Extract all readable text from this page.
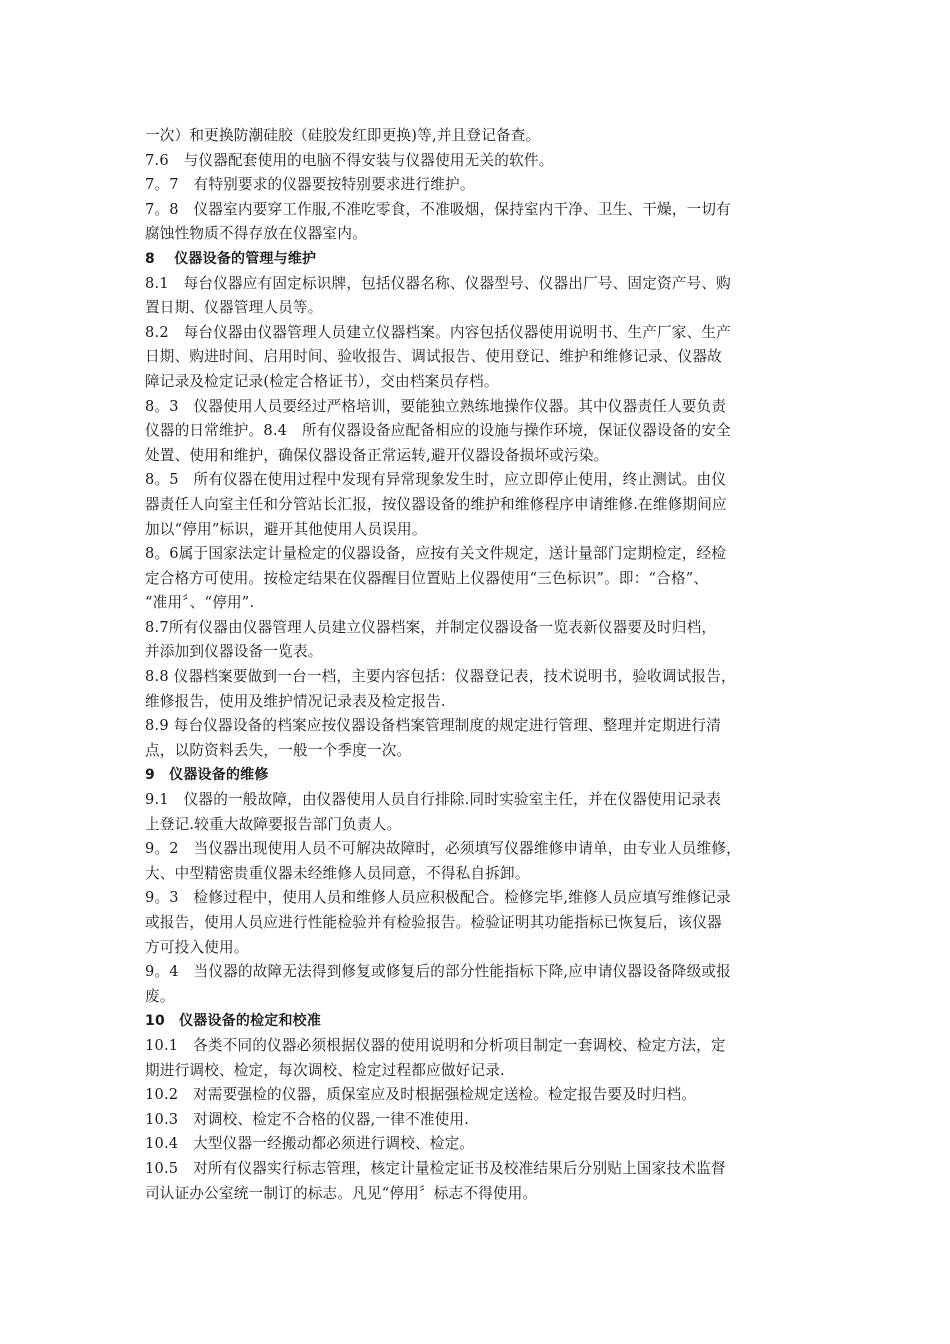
一次）和更换防潮硅胶（硅胶发红即更换)等,并且登记备查。
7.6　与仪器配套使用的电脑不得安装与仪器使用无关的软件。
7。7　有特别要求的仪器要按特别要求进行维护。
7。8　仪器室内要穿工作服,不准吃零食，不准吸烟，保持室内干净、卫生、干燥，一切有
腐蚀性物质不得存放在仪器室内。
8　 仪器设备的管理与维护
8.1　每台仪器应有固定标识牌，包括仪器名称、仪器型号、仪器出厂号、固定资产号、购
置日期、仪器管理人员等。
8.2　每台仪器由仪器管理人员建立仪器档案。内容包括仪器使用说明书、生产厂家、生产
日期、购进时间、启用时间、验收报告、调试报告、使用登记、维护和维修记录、仪器故
障记录及检定记录(检定合格证书），交由档案员存档。
8。3　仪器使用人员要经过严格培训，要能独立熟练地操作仪器。其中仪器责任人要负责
仪器的日常维护。8.4　所有仪器设备应配备相应的设施与操作环境，保证仪器设备的安全
处置、使用和维护，确保仪器设备正常运转,避开仪器设备损坏或污染。
8。5　所有仪器在使用过程中发现有异常现象发生时，应立即停止使用，终止测试。由仪
器责任人向室主任和分管站长汇报，按仪器设备的维护和维修程序申请维修.在维修期间应
加以“停用”标识，避开其他使用人员误用。
8。6属于国家法定计量检定的仪器设备，应按有关文件规定，送计量部门定期检定，经检
定合格方可使用。按检定结果在仪器醒目位置贴上仪器使用“三色标识”。即：“合格”、
“准用〞、“停用”.
8.7所有仪器由仪器管理人员建立仪器档案，并制定仪器设备一览表新仪器要及时归档，
并添加到仪器设备一览表。
8.8 仪器档案要做到一台一档，主要内容包括：仪器登记表，技术说明书，验收调试报告，
维修报告，使用及维护情况记录表及检定报告.
8.9 每台仪器设备的档案应按仪器设备档案管理制度的规定进行管理、整理并定期进行清
点，以防资料丢失，一般一个季度一次。
9　仪器设备的维修
9.1　仪器的一般故障，由仪器使用人员自行排除.同时实验室主任，并在仪器使用记录表
上登记.较重大故障要报告部门负责人。
9。2　当仪器出现使用人员不可解决故障时，必须填写仪器维修申请单，由专业人员维修，
大、中型精密贵重仪器未经维修人员同意，不得私自拆卸。
9。3　检修过程中，使用人员和维修人员应积极配合。检修完毕,维修人员应填写维修记录
或报告，使用人员应进行性能检验并有检验报告。检验证明其功能指标已恢复后，该仪器
方可投入使用。
9。4　当仪器的故障无法得到修复或修复后的部分性能指标下降,应申请仪器设备降级或报
废。
10　仪器设备的检定和校准
10.1　各类不同的仪器必须根据仪器的使用说明和分析项目制定一套调校、检定方法，定
期进行调校、检定，每次调校、检定过程都应做好记录.
10.2　对需要强检的仪器，质保室应及时根据强检规定送检。检定报告要及时归档。
10.3　对调校、检定不合格的仪器,一律不准使用.
10.4　大型仪器一经搬动都必须进行调校、检定。
10.5　对所有仪器实行标志管理，核定计量检定证书及校准结果后分别贴上国家技术监督
司认证办公室统一制订的标志。凡见“停用〞标志不得使用。
